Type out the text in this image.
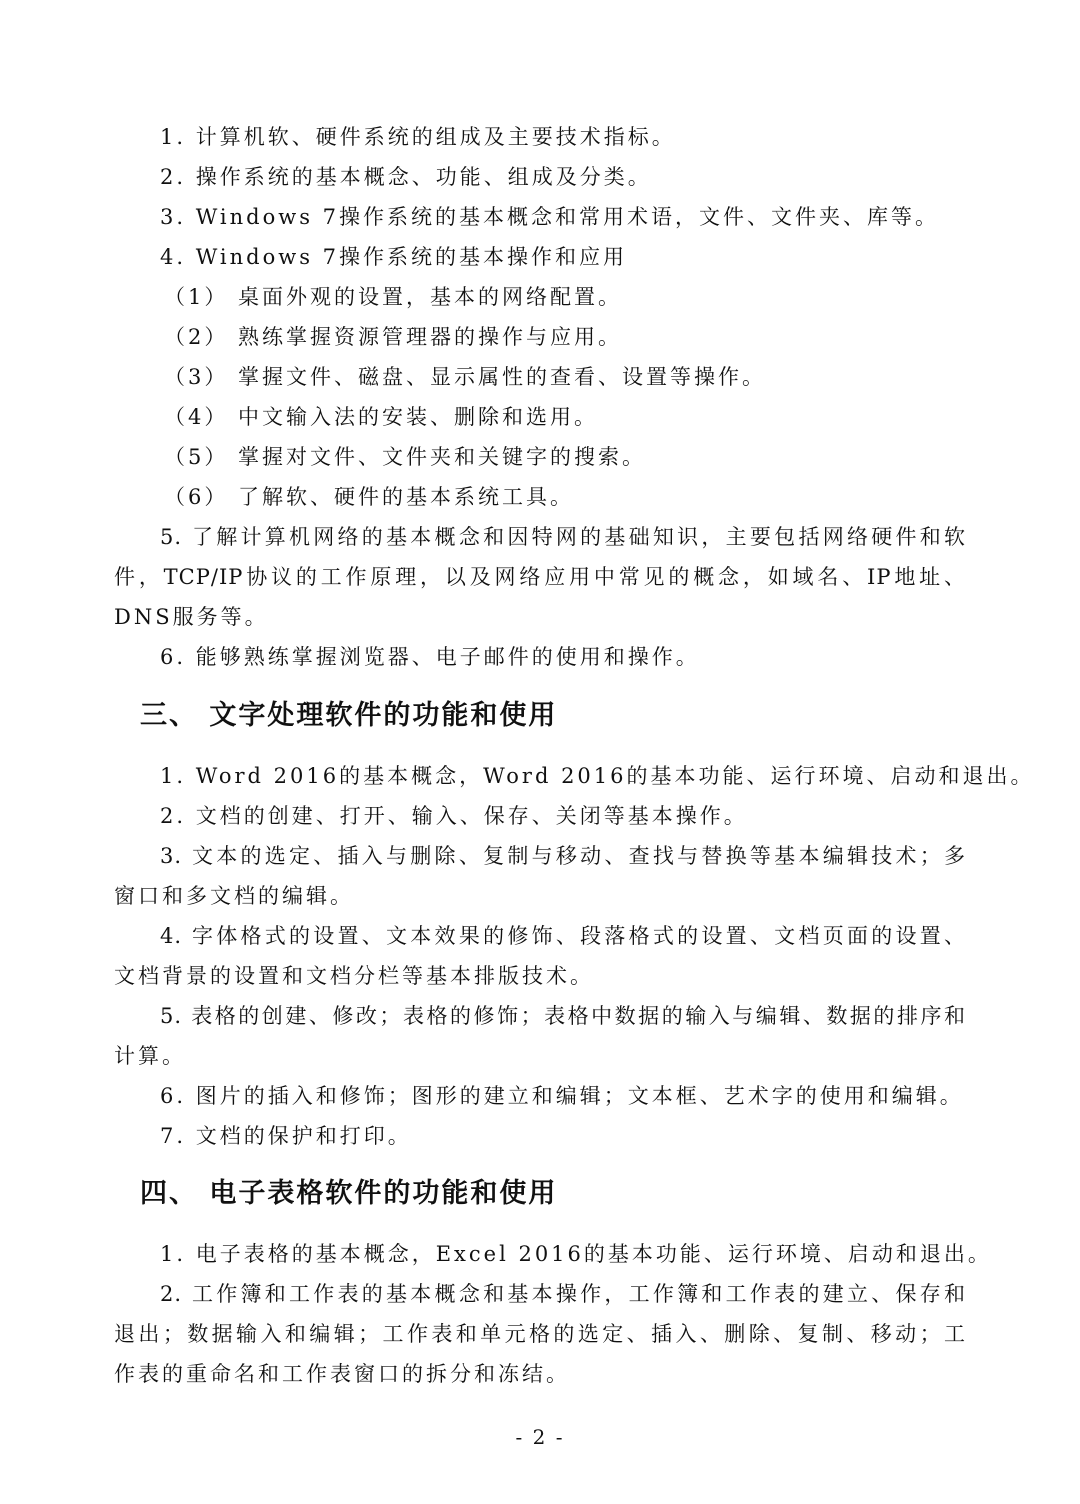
1. 计算机软、硬件系统的组成及主要技术指标。
2. 操作系统的基本概念、功能、组成及分类。
3. Windows 7操作系统的基本概念和常用术语，文件、文件夹、库等。
4. Windows 7操作系统的基本操作和应用
（1） 桌面外观的设置，基本的网络配置。
（2） 熟练掌握资源管理器的操作与应用。
（3） 掌握文件、磁盘、显示属性的查看、设置等操作。
（4） 中文输入法的安装、删除和选用。
（5） 掌握对文件、文件夹和关键字的搜索。
（6） 了解软、硬件的基本系统工具。
5. 了解计算机网络的基本概念和因特网的基础知识，主要包括网络硬件和软
件，TCP/IP协议的工作原理，以及网络应用中常见的概念，如域名、IP地址、
DNS服务等。
6. 能够熟练掌握浏览器、电子邮件的使用和操作。
三、 文字处理软件的功能和使用
1. Word 2016的基本概念，Word 2016的基本功能、运行环境、启动和退出。
2. 文档的创建、打开、输入、保存、关闭等基本操作。
3. 文本的选定、插入与删除、复制与移动、查找与替换等基本编辑技术；多
窗口和多文档的编辑。
4. 字体格式的设置、文本效果的修饰、段落格式的设置、文档页面的设置、
文档背景的设置和文档分栏等基本排版技术。
5. 表格的创建、修改；表格的修饰；表格中数据的输入与编辑、数据的排序和
计算。
6. 图片的插入和修饰；图形的建立和编辑；文本框、艺术字的使用和编辑。
7. 文档的保护和打印。
四、 电子表格软件的功能和使用
1. 电子表格的基本概念，Excel 2016的基本功能、运行环境、启动和退出。
2. 工作簿和工作表的基本概念和基本操作，工作簿和工作表的建立、保存和
退出；数据输入和编辑；工作表和单元格的选定、插入、删除、复制、移动；工
作表的重命名和工作表窗口的拆分和冻结。
- 2 -
